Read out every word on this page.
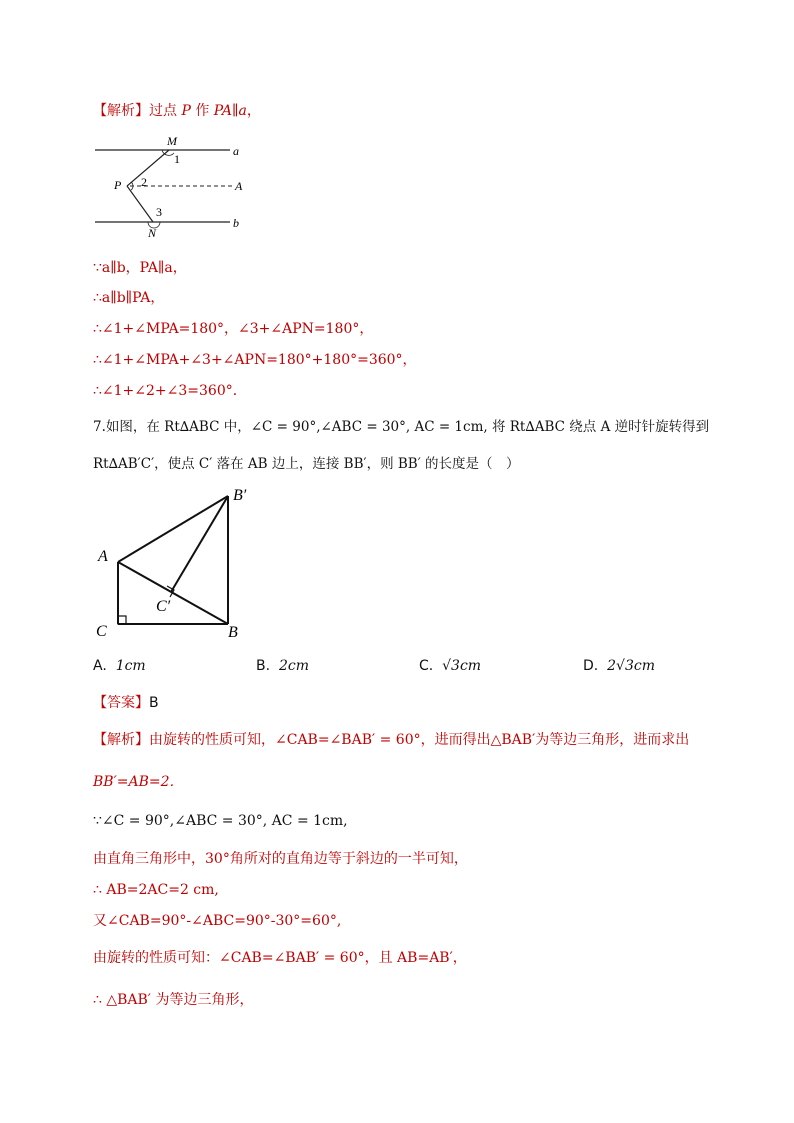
【解析】过点 P 作 PA∥a，
M
1
a
P 2	A
3
b
N
∵a∥b，PA∥a，
∴a∥b∥PA，
∴∠1+∠MPA=180°，∠3+∠APN=180°，
∴∠1+∠MPA+∠3+∠APN=180°+180°=360°，
∴∠1+∠2+∠3=360°．
7.如图，在 Rt∆ABC 中，∠C = 90°,∠ABC = 30°, AC = 1cm, 将 Rt∆ABC 绕点 A 逆时针旋转得到
Rt∆AB′C′，使点 C′ 落在 AB 边上，连接 BB′，则 BB′ 的长度是（　）
A
B′
C′
C	B
A. 1cm	B. 2cm	C. √3cm	D. 2√3cm
【答案】B
【解析】由旋转的性质可知，∠CAB=∠BAB′ = 60°，进而得出△BAB′为等边三角形，进而求出
BB′=AB=2．
∵∠C = 90°,∠ABC = 30°, AC = 1cm,
由直角三角形中，30°角所对的直角边等于斜边的一半可知，
∴ AB=2AC=2 cm,
又∠CAB=90°-∠ABC=90°-30°=60°,
由旋转的性质可知：∠CAB=∠BAB′ = 60°，且 AB=AB′，
∴ △BAB′ 为等边三角形，
